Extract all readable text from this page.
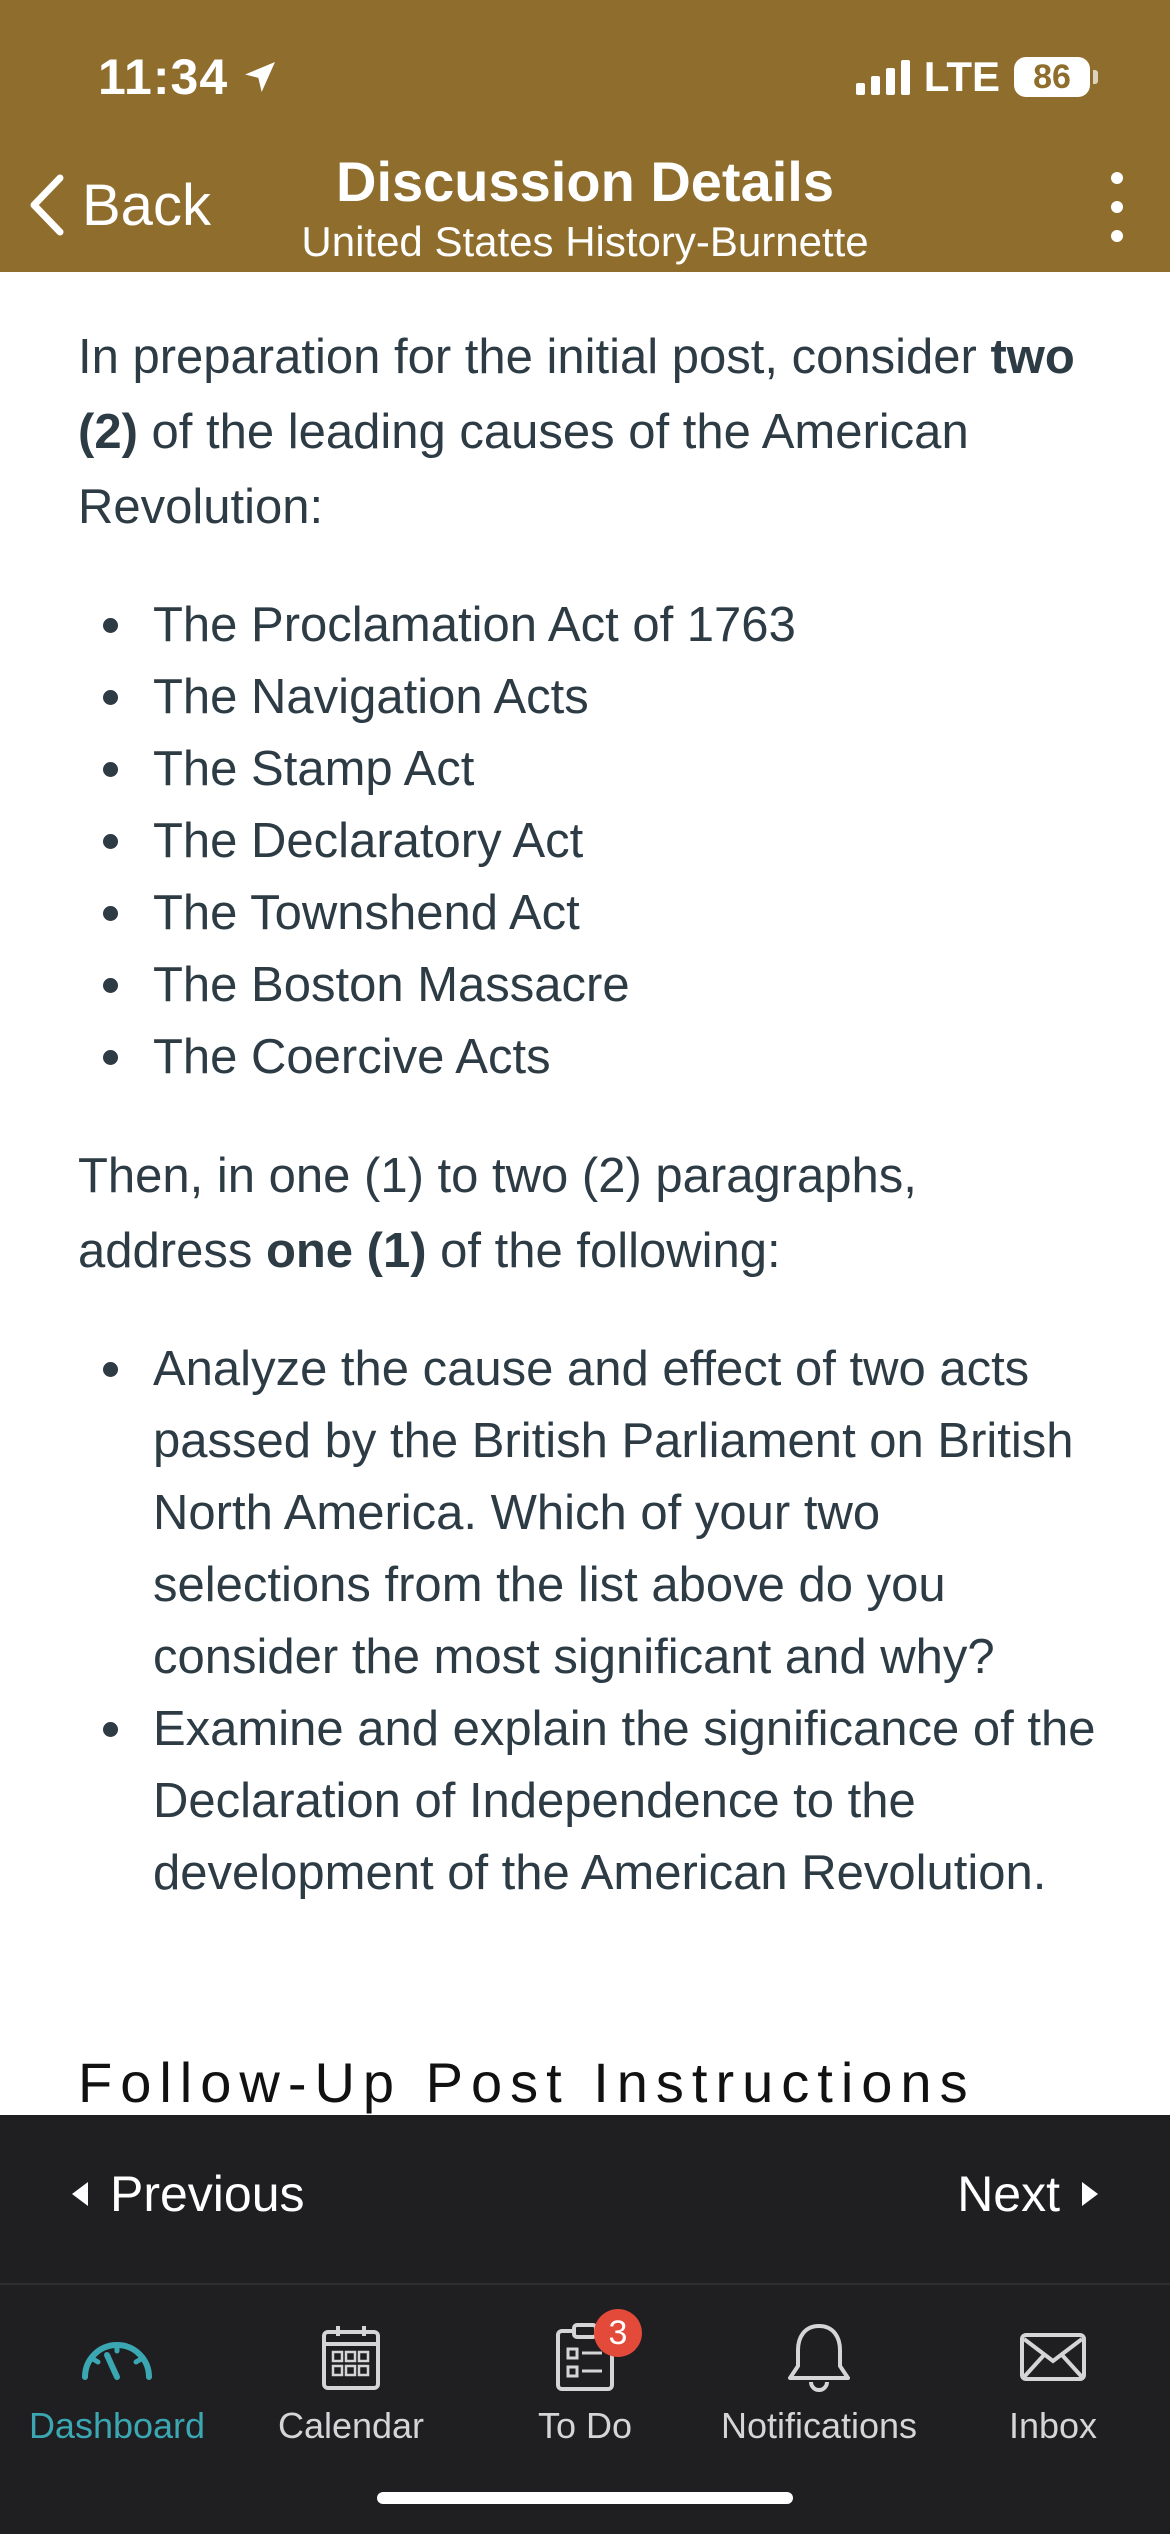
11:34	LTE 86
Back	Discussion Details
United States History-Burnette

In preparation for the initial post, consider two (2) of the leading causes of the American Revolution:

The Proclamation Act of 1763
The Navigation Acts
The Stamp Act
The Declaratory Act
The Townshend Act
The Boston Massacre
The Coercive Acts

Then, in one (1) to two (2) paragraphs, address one (1) of the following:

Analyze the cause and effect of two acts passed by the British Parliament on British North America. Which of your two selections from the list above do you consider the most significant and why?
Examine and explain the significance of the Declaration of Independence to the development of the American Revolution.
Follow-Up Post Instructions
Previous	Next
Dashboard Calendar
3
To Do Notifications	Inbox
